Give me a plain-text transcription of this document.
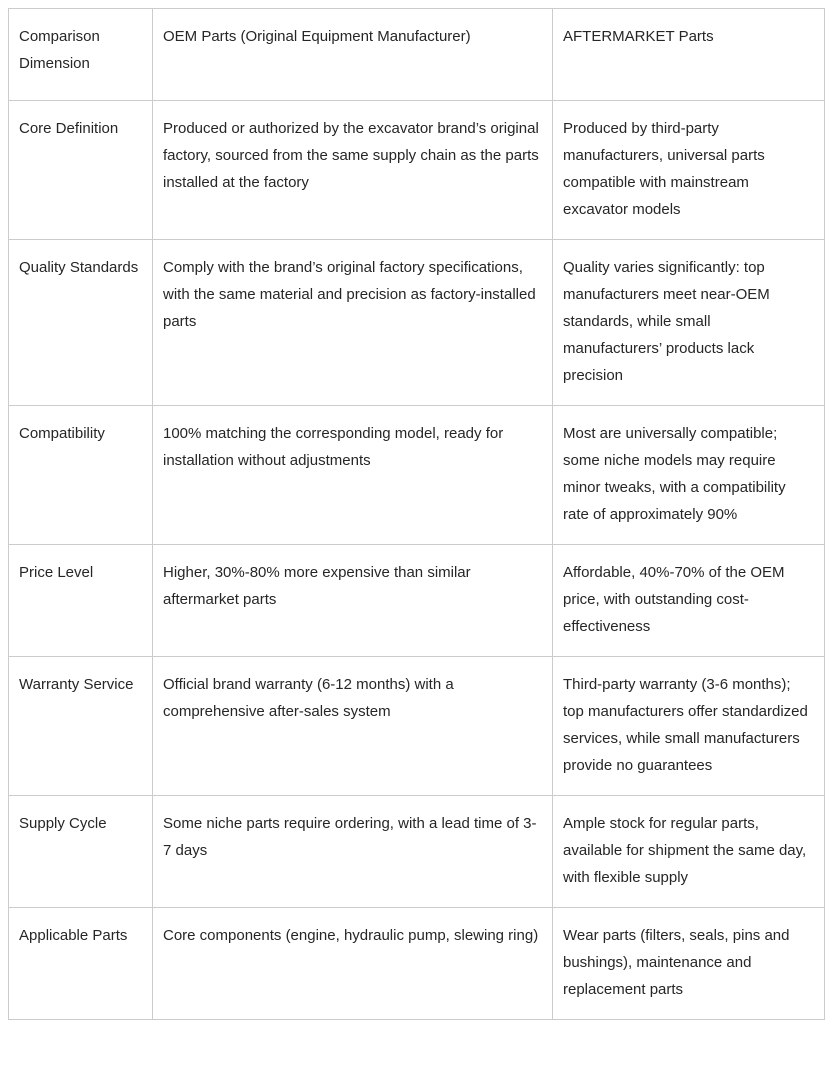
Comparison Dimension	OEM Parts (Original Equipment Manufacturer)	AFTERMARKET Parts
Core Definition	Produced or authorized by the excavator brand’s original factory, sourced from the same supply chain as the parts installed at the factory	Produced by third-party manufacturers, universal parts compatible with mainstream excavator models
Quality Standards	Comply with the brand’s original factory specifications, with the same material and precision as factory-installed parts	Quality varies significantly: top manufacturers meet near-OEM standards, while small manufacturers’ products lack precision
Compatibility	100% matching the corresponding model, ready for installation without adjustments	Most are universally compatible; some niche models may require minor tweaks, with a compatibility rate of approximately 90%
Price Level	Higher, 30%-80% more expensive than similar aftermarket parts	Affordable, 40%-70% of the OEM price, with outstanding cost-effectiveness
Warranty Service	Official brand warranty (6-12 months) with a comprehensive after-sales system	Third-party warranty (3-6 months); top manufacturers offer standardized services, while small manufacturers provide no guarantees
Supply Cycle	Some niche parts require ordering, with a lead time of 3-7 days	Ample stock for regular parts, available for shipment the same day, with flexible supply
Applicable Parts	Core components (engine, hydraulic pump, slewing ring)	Wear parts (filters, seals, pins and bushings), maintenance and replacement parts
